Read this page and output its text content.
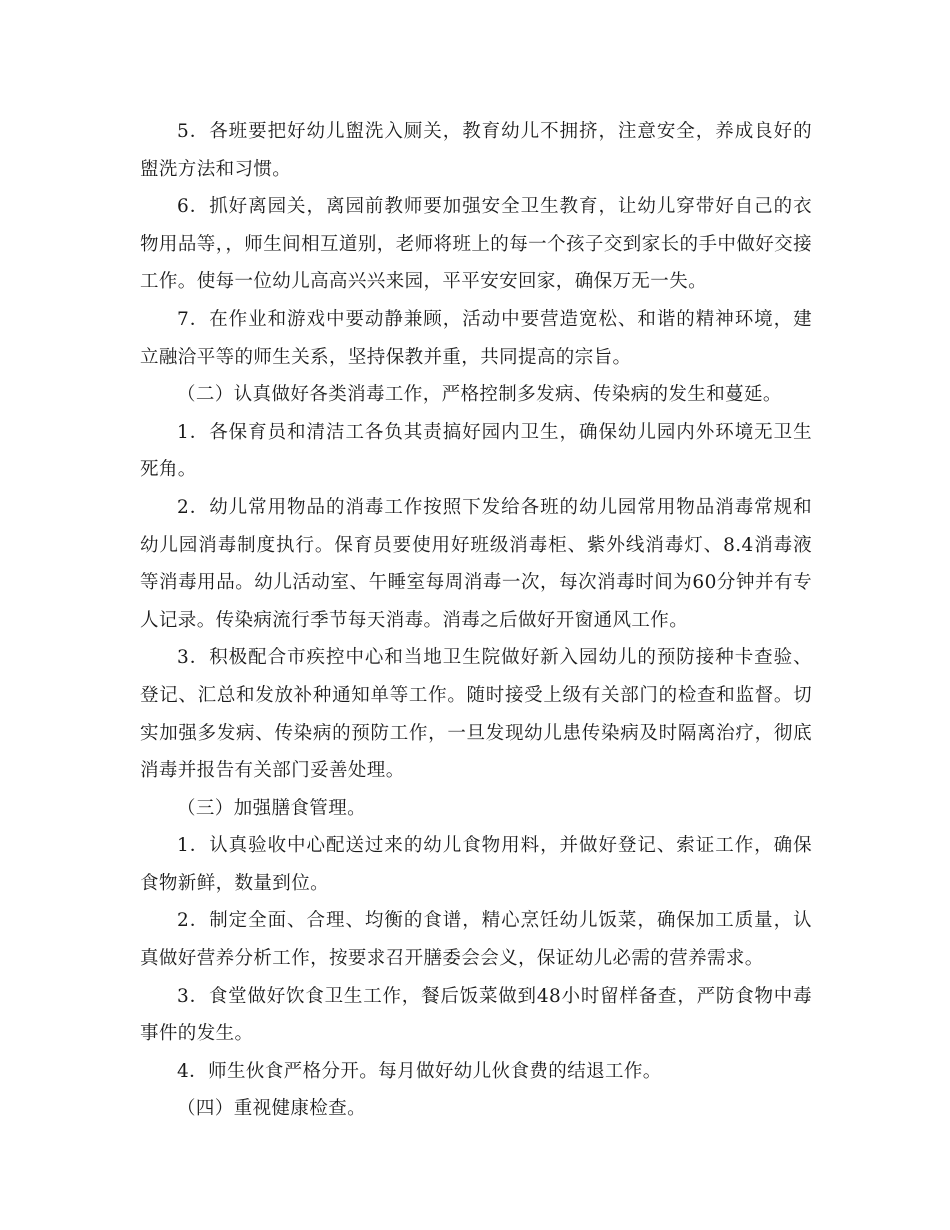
5．各班要把好幼儿盥洗入厕关，教育幼儿不拥挤，注意安全，养成良好的盥洗方法和习惯。

6．抓好离园关，离园前教师要加强安全卫生教育，让幼儿穿带好自己的衣物用品等，，师生间相互道别，老师将班上的每一个孩子交到家长的手中做好交接工作。使每一位幼儿高高兴兴来园，平平安安回家，确保万无一失。

7．在作业和游戏中要动静兼顾，活动中要营造宽松、和谐的精神环境，建立融洽平等的师生关系，坚持保教并重，共同提高的宗旨。

（二）认真做好各类消毒工作，严格控制多发病、传染病的发生和蔓延。

1．各保育员和清洁工各负其责搞好园内卫生，确保幼儿园内外环境无卫生死角。

2．幼儿常用物品的消毒工作按照下发给各班的幼儿园常用物品消毒常规和幼儿园消毒制度执行。保育员要使用好班级消毒柜、紫外线消毒灯、8.4消毒液等消毒用品。幼儿活动室、午睡室每周消毒一次，每次消毒时间为60分钟并有专人记录。传染病流行季节每天消毒。消毒之后做好开窗通风工作。

3．积极配合市疾控中心和当地卫生院做好新入园幼儿的预防接种卡查验、登记、汇总和发放补种通知单等工作。随时接受上级有关部门的检查和监督。切实加强多发病、传染病的预防工作，一旦发现幼儿患传染病及时隔离治疗，彻底消毒并报告有关部门妥善处理。

（三）加强膳食管理。

1．认真验收中心配送过来的幼儿食物用料，并做好登记、索证工作，确保食物新鲜，数量到位。

2．制定全面、合理、均衡的食谱，精心烹饪幼儿饭菜，确保加工质量，认真做好营养分析工作，按要求召开膳委会会义，保证幼儿必需的营养需求。

3．食堂做好饮食卫生工作，餐后饭菜做到48小时留样备查，严防食物中毒事件的发生。

4．师生伙食严格分开。每月做好幼儿伙食费的结退工作。

（四）重视健康检查。
